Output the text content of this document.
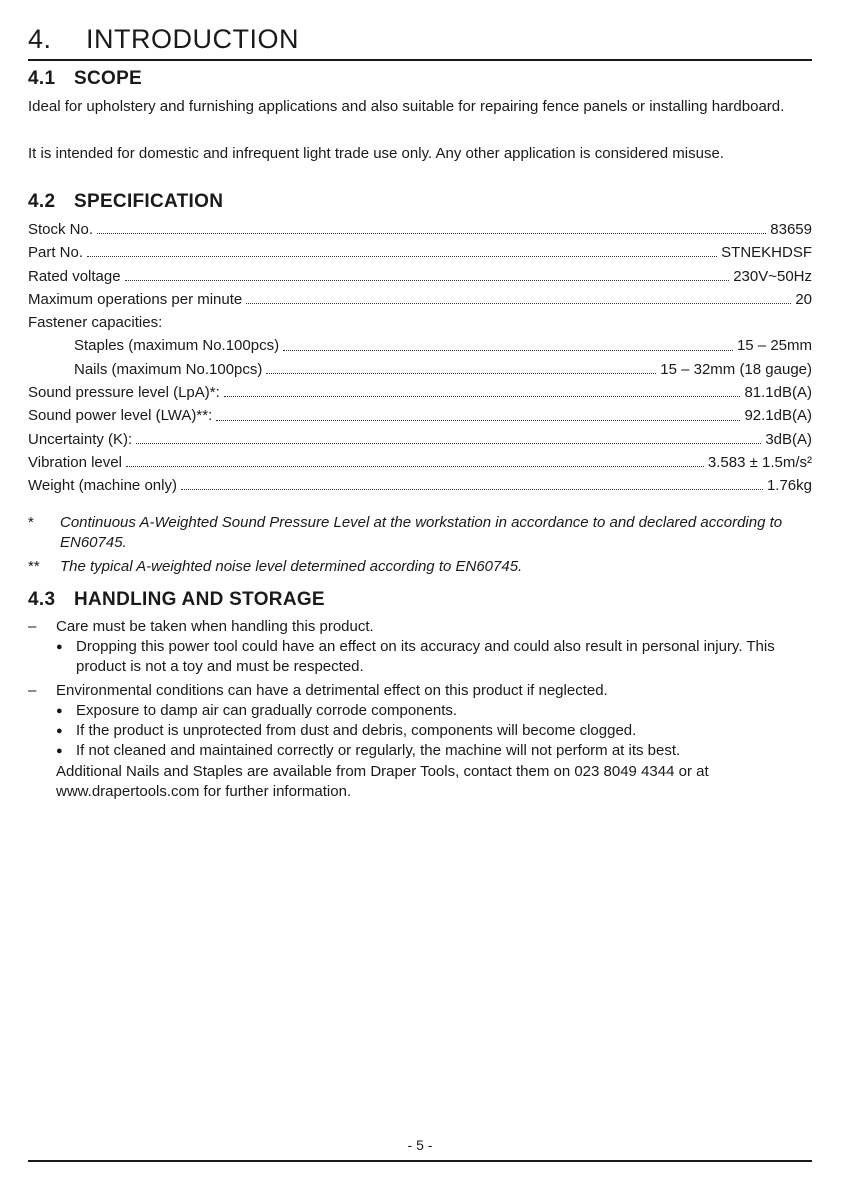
4. INTRODUCTION
4.1 SCOPE
Ideal for upholstery and furnishing applications and also suitable for repairing fence panels or installing hardboard.
It is intended for domestic and infrequent light trade use only. Any other application is considered misuse.
4.2 SPECIFICATION
Stock No.	83659
Part No.	STNEKHDSF
Rated voltage	230V~50Hz
Maximum operations per minute	20
Fastener capacities:
Staples (maximum No.100pcs)	15 – 25mm
Nails (maximum No.100pcs)	15 – 32mm (18 gauge)
Sound pressure level (LpA)*:	81.1dB(A)
Sound power level (LWA)**:	92.1dB(A)
Uncertainty (K):	3dB(A)
Vibration level	3.583 ± 1.5m/s²
Weight (machine only)	1.76kg
*	Continuous A-Weighted Sound Pressure Level at the workstation in accordance to and declared according to EN60745.
**	The typical A-weighted noise level determined according to EN60745.
4.3 HANDLING AND STORAGE
–	Care must be taken when handling this product.
● Dropping this power tool could have an effect on its accuracy and could also result in personal injury. This product is not a toy and must be respected.
–	Environmental conditions can have a detrimental effect on this product if neglected.
● Exposure to damp air can gradually corrode components.
● If the product is unprotected from dust and debris, components will become clogged.
● If not cleaned and maintained correctly or regularly, the machine will not perform at its best.
Additional Nails and Staples are available from Draper Tools, contact them on 023 8049 4344 or at www.drapertools.com for further information.
- 5 -
